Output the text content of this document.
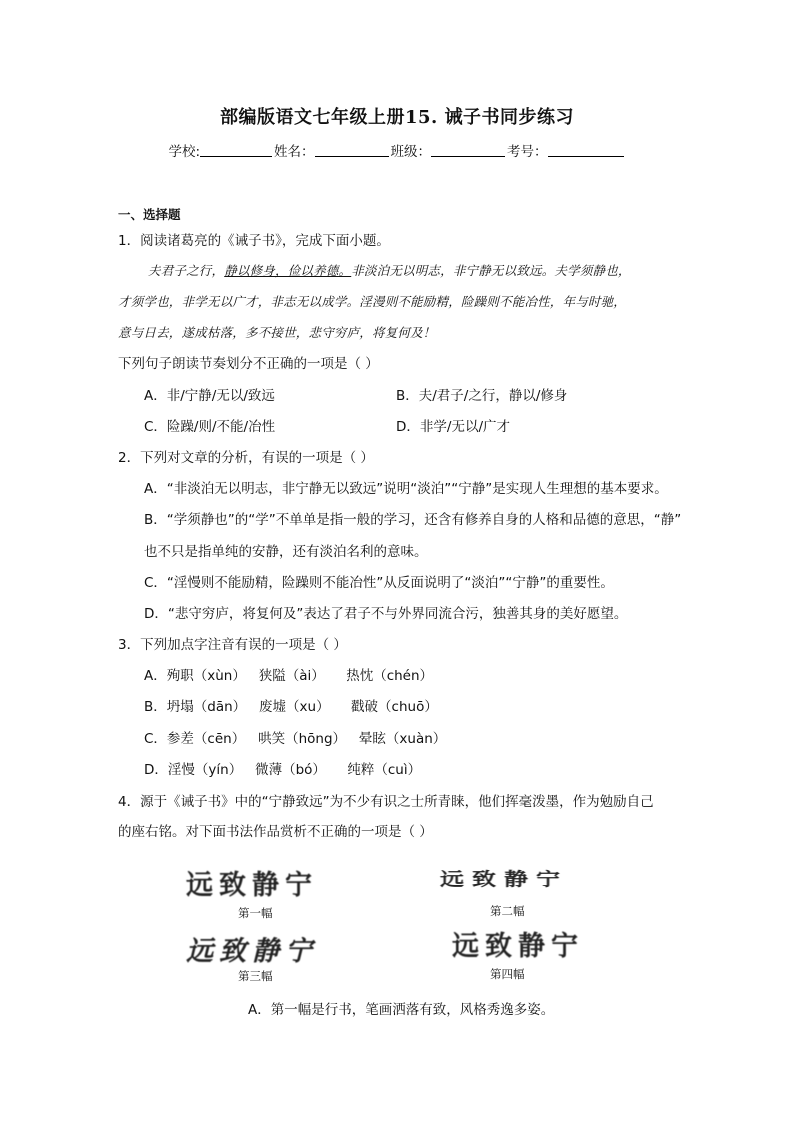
部编版语文七年级上册15. 诫子书同步练习
学校:	姓名：	班级：	考号：
一、选择题
1．阅读诸葛亮的《诫子书》，完成下面小题。
夫君子之行，静以修身，俭以养德。非淡泊无以明志，非宁静无以致远。夫学须静也，
才须学也，非学无以广才，非志无以成学。淫漫则不能励精，险躁则不能冶性，年与时驰，
意与日去，遂成枯落，多不接世，悲守穷庐，将复何及！
下列句子朗读节奏划分不正确的一项是（ ）
A．非/宁静/无以/致远	B．夫/君子/之行，静以/修身
C．险躁/则/不能/冶性	D．非学/无以/广才
2．下列对文章的分析，有误的一项是（ ）
A．“非淡泊无以明志，非宁静无以致远”说明“淡泊”“宁静”是实现人生理想的基本要求。
B．“学须静也”的“学”不单单是指一般的学习，还含有修养自身的人格和品德的意思，“静”
也不只是指单纯的安静，还有淡泊名利的意味。
C．“淫慢则不能励精，险躁则不能冶性”从反面说明了“淡泊”“宁静”的重要性。
D．“悲守穷庐，将复何及”表达了君子不与外界同流合污，独善其身的美好愿望。
3．下列加点字注音有误的一项是（ ）
A．殉职（xùn）   狭隘（ài）     热忱（chén）
B．坍塌（dān）   废墟（xu）     戳破（chuō）
C．参差（cēn）   哄笑（hōng）   晕眩（xuàn）
D．淫慢（yín）   微薄（bó）     纯粹（cuì）
4．源于《诫子书》中的“宁静致远”为不少有识之士所青睐，他们挥毫泼墨，作为勉励自己
的座右铭。对下面书法作品赏析不正确的一项是（ ）
远致静宁
第一幅
远致静宁
第二幅
远致静宁
第三幅
远致静宁
第四幅
A．第一幅是行书，笔画洒落有致，风格秀逸多姿。
